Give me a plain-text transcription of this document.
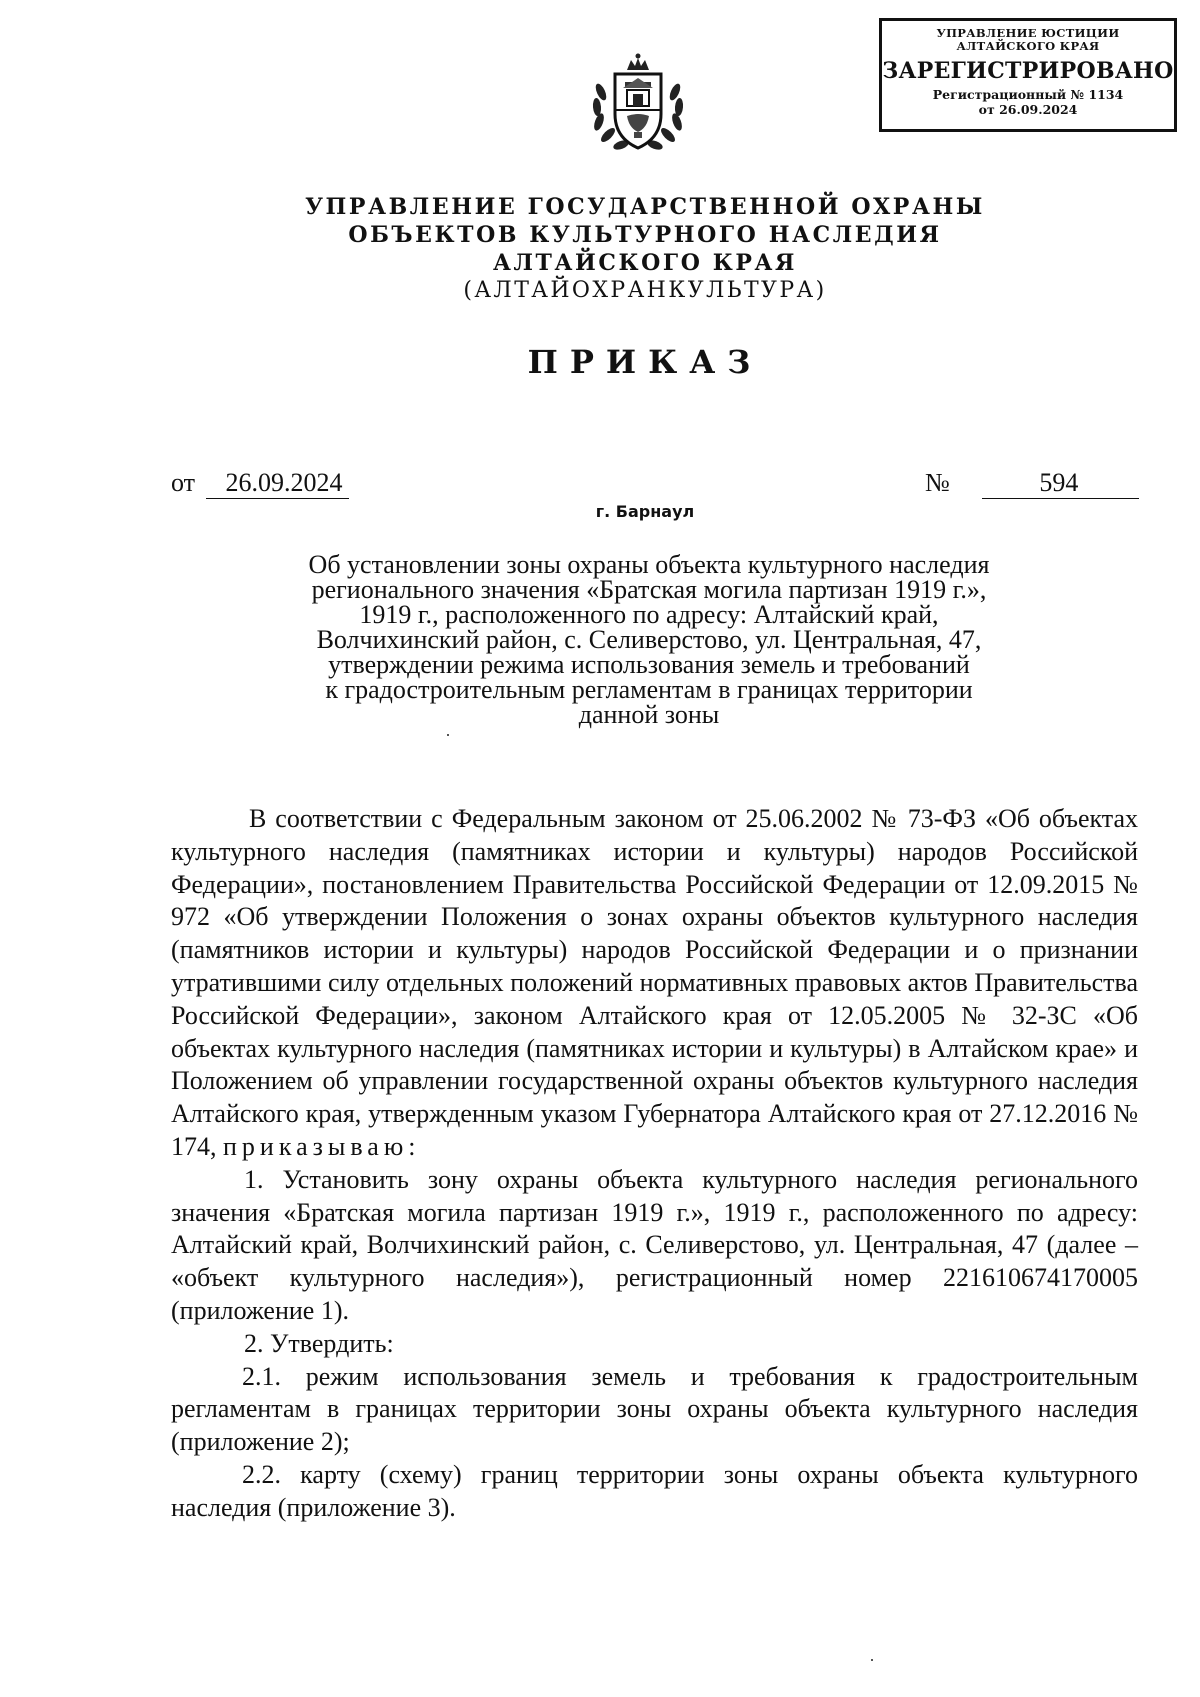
УПРАВЛЕНИЕ ЮСТИЦИИ
АЛТАЙСКОГО КРАЯ
ЗАРЕГИСТРИРОВАНО
Регистрационный № 1134
от 26.09.2024
УПРАВЛЕНИЕ ГОСУДАРСТВЕННОЙ ОХРАНЫ
ОБЪЕКТОВ КУЛЬТУРНОГО НАСЛЕДИЯ
АЛТАЙСКОГО КРАЯ
(АЛТАЙОХРАНКУЛЬТУРА)
ПРИКАЗ
от 26.09.2024	№	594
г. Барнаул
Об установлении зоны охраны объекта культурного наследия
регионального значения «Братская могила партизан 1919 г.»,
1919 г., расположенного по адресу: Алтайский край,
Волчихинский район, с. Селиверстово, ул. Центральная, 47,
утверждении режима использования земель и требований
к градостроительным регламентам в границах территории
данной зоны

В соответствии с Федеральным законом от 25.06.2002 № 73-ФЗ «Об объектах культурного наследия (памятниках истории и культуры) народов Российской Федерации», постановлением Правительства Российской Федерации от 12.09.2015 № 972 «Об утверждении Положения о зонах охраны объектов культурного наследия (памятников истории и культуры) народов Российской Федерации и о признании утратившими силу отдельных положений нормативных правовых актов Правительства Российской Федерации», законом Алтайского края от 12.05.2005 № 32-ЗС «Об объектах культурного наследия (памятниках истории и культуры) в Алтайском крае» и Положением об управлении государственной охраны объектов культурного наследия Алтайского края, утвержденным указом Губернатора Алтайского края от 27.12.2016 № 174, приказываю:

1. Установить зону охраны объекта культурного наследия регионального значения «Братская могила партизан 1919 г.», 1919 г., расположенного по адресу: Алтайский край, Волчихинский район, с. Селиверстово, ул. Центральная, 47 (далее – «объект культурного наследия»), регистрационный номер 221610674170005 (приложение 1).

2. Утвердить:

2.1. режим использования земель и требования к градостроительным регламентам в границах территории зоны охраны объекта культурного наследия (приложение 2);

2.2. карту (схему) границ территории зоны охраны объекта культурного наследия (приложение 3).
